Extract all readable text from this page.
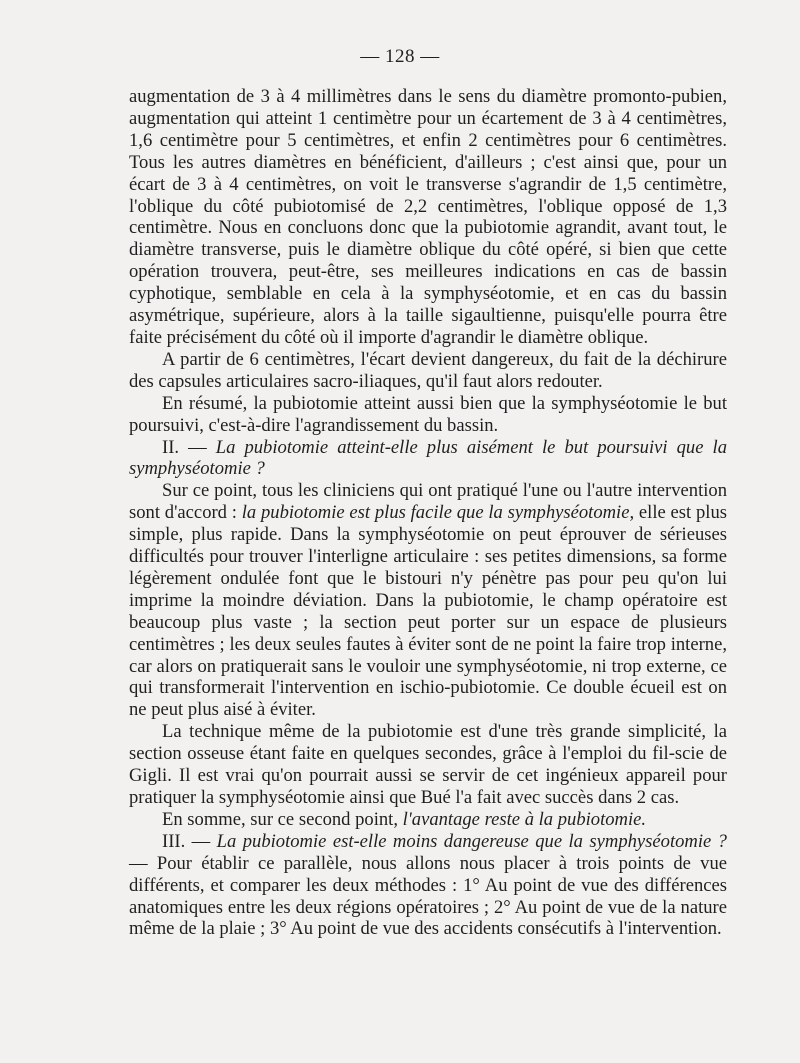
— 128 —

augmentation de 3 à 4 millimètres dans le sens du diamètre promonto-pubien, augmentation qui atteint 1 centimètre pour un écartement de 3 à 4 centimètres, 1,6 centimètre pour 5 centimètres, et enfin 2 centimètres pour 6 centimètres. Tous les autres diamètres en bénéficient, d'ailleurs ; c'est ainsi que, pour un écart de 3 à 4 centimètres, on voit le transverse s'agrandir de 1,5 centimètre, l'oblique du côté pubiotomisé de 2,2 centimètres, l'oblique opposé de 1,3 centimètre. Nous en concluons donc que la pubiotomie agrandit, avant tout, le diamètre transverse, puis le diamètre oblique du côté opéré, si bien que cette opération trouvera, peut-être, ses meilleures indications en cas de bassin cyphotique, semblable en cela à la symphyséotomie, et en cas du bassin asymétrique, supérieure, alors à la taille sigaultienne, puisqu'elle pourra être faite précisément du côté où il importe d'agrandir le diamètre oblique.

A partir de 6 centimètres, l'écart devient dangereux, du fait de la déchirure des capsules articulaires sacro-iliaques, qu'il faut alors redouter.

En résumé, la pubiotomie atteint aussi bien que la symphyséotomie le but poursuivi, c'est-à-dire l'agrandissement du bassin.

II. — La pubiotomie atteint-elle plus aisément le but poursuivi que la symphyséotomie ?

Sur ce point, tous les cliniciens qui ont pratiqué l'une ou l'autre intervention sont d'accord : la pubiotomie est plus facile que la symphyséotomie, elle est plus simple, plus rapide. Dans la symphyséotomie on peut éprouver de sérieuses difficultés pour trouver l'interligne articulaire : ses petites dimensions, sa forme légèrement ondulée font que le bistouri n'y pénètre pas pour peu qu'on lui imprime la moindre déviation. Dans la pubiotomie, le champ opératoire est beaucoup plus vaste ; la section peut porter sur un espace de plusieurs centimètres ; les deux seules fautes à éviter sont de ne point la faire trop interne, car alors on pratiquerait sans le vouloir une symphyséotomie, ni trop externe, ce qui transformerait l'intervention en ischio-pubiotomie. Ce double écueil est on ne peut plus aisé à éviter.

La technique même de la pubiotomie est d'une très grande simplicité, la section osseuse étant faite en quelques secondes, grâce à l'emploi du fil-scie de Gigli. Il est vrai qu'on pourrait aussi se servir de cet ingénieux appareil pour pratiquer la symphyséotomie ainsi que Bué l'a fait avec succès dans 2 cas.

En somme, sur ce second point, l'avantage reste à la pubiotomie.

III. — La pubiotomie est-elle moins dangereuse que la symphyséotomie ? — Pour établir ce parallèle, nous allons nous placer à trois points de vue différents, et comparer les deux méthodes : 1° Au point de vue des différences anatomiques entre les deux régions opératoires ; 2° Au point de vue de la nature même de la plaie ; 3° Au point de vue des accidents consécutifs à l'intervention.
